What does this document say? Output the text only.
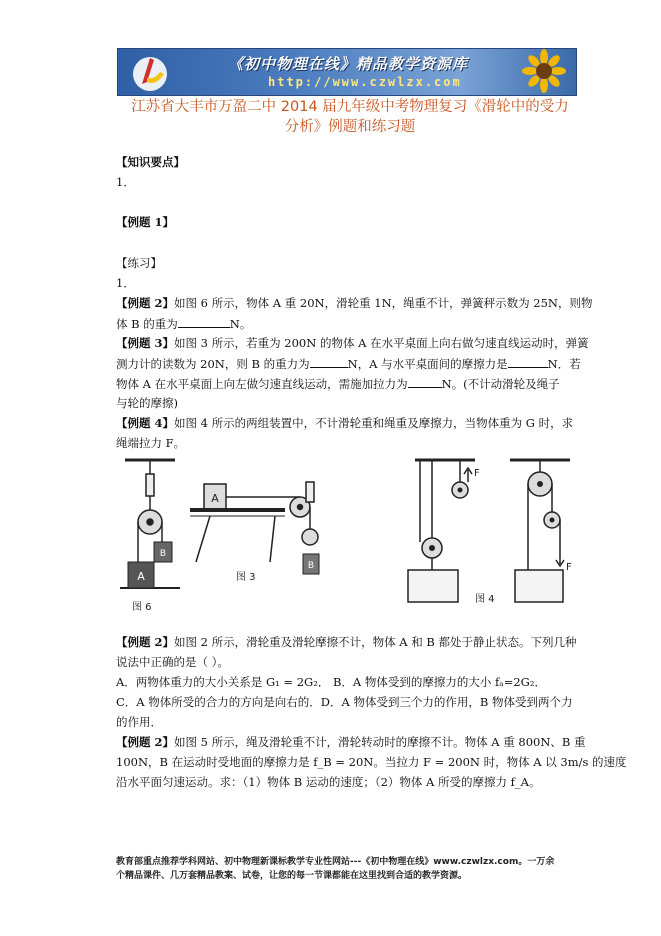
《初中物理在线》精品教学资源库
http://www.czwlzx.com
江苏省大丰市万盈二中 2014 届九年级中考物理复习《滑轮中的受力
分析》例题和练习题
【知识要点】
1．
【例题 1】
【练习】
1．
【例题 2】如图 6 所示，物体 A 重 20N，滑轮重 1N，绳重不计，弹簧秤示数为 25N，则物
体 B 的重为	N。
【例题 3】如图 3 所示，若重为 200N 的物体 A 在水平桌面上向右做匀速直线运动时，弹簧
测力计的读数为 20N，则 B 的重力为	N，A 与水平桌面间的摩擦力是	N．若
物体 A 在水平桌面上向左做匀速直线运动，需施加拉力为	N。(不计动滑轮及绳子
与轮的摩擦)
【例题 4】如图 4 所示的两组装置中，不计滑轮重和绳重及摩擦力，当物体重为 G 时，求
绳端拉力 F。
A
B
图 6
B
A
图 3
F
F
图 4
【例题 2】如图 2 所示，滑轮重及滑轮摩擦不计，物体 A 和 B 都处于静止状态。下列几种
说法中正确的是（ ）。
A．两物体重力的大小关系是 G₁ = 2G₂． B．A 物体受到的摩擦力的大小 fₐ=2G₂．
C．A 物体所受的合力的方向是向右的．D．A 物体受到三个力的作用，B 物体受到两个力
的作用．
【例题 2】如图 5 所示，绳及滑轮重不计，滑轮转动时的摩擦不计。物体 A 重 800N、B 重
100N，B 在运动时受地面的摩擦力是 f_B = 20N。当拉力 F = 200N 时，物体 A 以 3m/s 的速度
沿水平面匀速运动。求：（1）物体 B 运动的速度；（2）物体 A 所受的摩擦力 f_A。
教育部重点推荐学科网站、初中物理新课标教学专业性网站---《初中物理在线》www.czwlzx.com。一万余
个精品课件、几万套精品教案、试卷，让您的每一节课都能在这里找到合适的教学资源。
